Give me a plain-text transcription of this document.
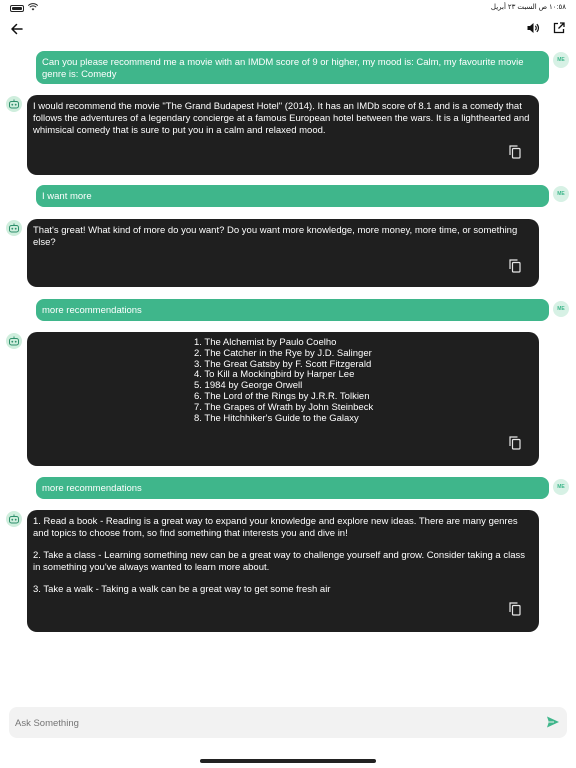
١٠:٥٨ ص السبت ٢٣ أبريل
Can you please recommend me a movie with an IMDM score of 9 or higher, my mood is: Calm, my favourite movie genre is: Comedy
ME
I would recommend the movie "The Grand Budapest Hotel" (2014). It has an IMDb score of 8.1 and is a comedy that follows the adventures of a legendary concierge at a famous European hotel between the wars. It is a lighthearted and whimsical comedy that is sure to put you in a calm and relaxed mood.
I want more	ME
That's great! What kind of more do you want? Do you want more knowledge, more money, more time, or something else?
more recommendations	ME
1. The Alchemist by Paulo Coelho
2. The Catcher in the Rye by J.D. Salinger
3. The Great Gatsby by F. Scott Fitzgerald
4. To Kill a Mockingbird by Harper Lee
5. 1984 by George Orwell
6. The Lord of the Rings by J.R.R. Tolkien
7. The Grapes of Wrath by John Steinbeck
8. The Hitchhiker's Guide to the Galaxy
more recommendations	ME
1. Read a book - Reading is a great way to expand your knowledge and explore new ideas. There are many genres and topics to choose from, so find something that interests you and dive in!
2. Take a class - Learning something new can be a great way to challenge yourself and grow. Consider taking a class in something you've always wanted to learn more about.
3. Take a walk - Taking a walk can be a great way to get some fresh air
Ask Something
